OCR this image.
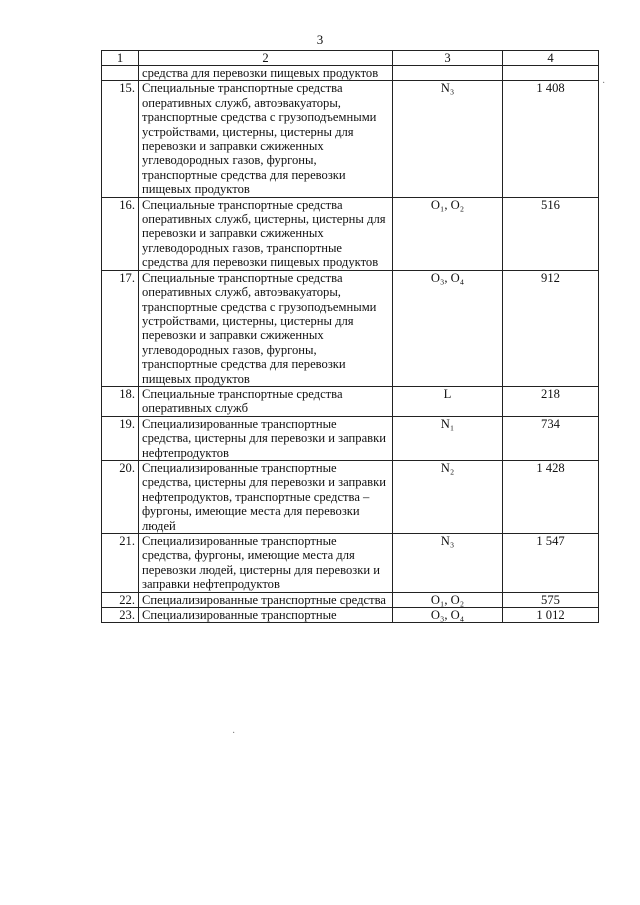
3
1	2	3	4
	средства для перевозки пищевых продуктов		
15.	Специальные транспортные средства оперативных служб, автоэвакуаторы, транспортные средства с грузоподъемными устройствами, цистерны, цистерны для перевозки и заправки сжиженных углеводородных газов, фургоны, транспортные средства для перевозки пищевых продуктов	N₃	1 408
16.	Специальные транспортные средства оперативных служб, цистерны, цистерны для перевозки и заправки сжиженных углеводородных газов, транспортные средства для перевозки пищевых продуктов	O₁, O₂	516
17.	Специальные транспортные средства оперативных служб, автоэвакуаторы, транспортные средства с грузоподъемными устройствами, цистерны, цистерны для перевозки и заправки сжиженных углеводородных газов, фургоны, транспортные средства для перевозки пищевых продуктов	O₃, O₄	912
18.	Специальные транспортные средства оперативных служб	L	218
19.	Специализированные транспортные средства, цистерны для перевозки и заправки нефтепродуктов	N₁	734
20.	Специализированные транспортные средства, цистерны для перевозки и заправки нефтепродуктов, транспортные средства – фургоны, имеющие места для перевозки людей	N₂	1 428
21.	Специализированные транспортные средства, фургоны, имеющие места для перевозки людей, цистерны для перевозки и заправки нефтепродуктов	N₃	1 547
22.	Специализированные транспортные средства	O₁, O₂	575
23.	Специализированные транспортные	O₃, O₄	1 012
·
·
